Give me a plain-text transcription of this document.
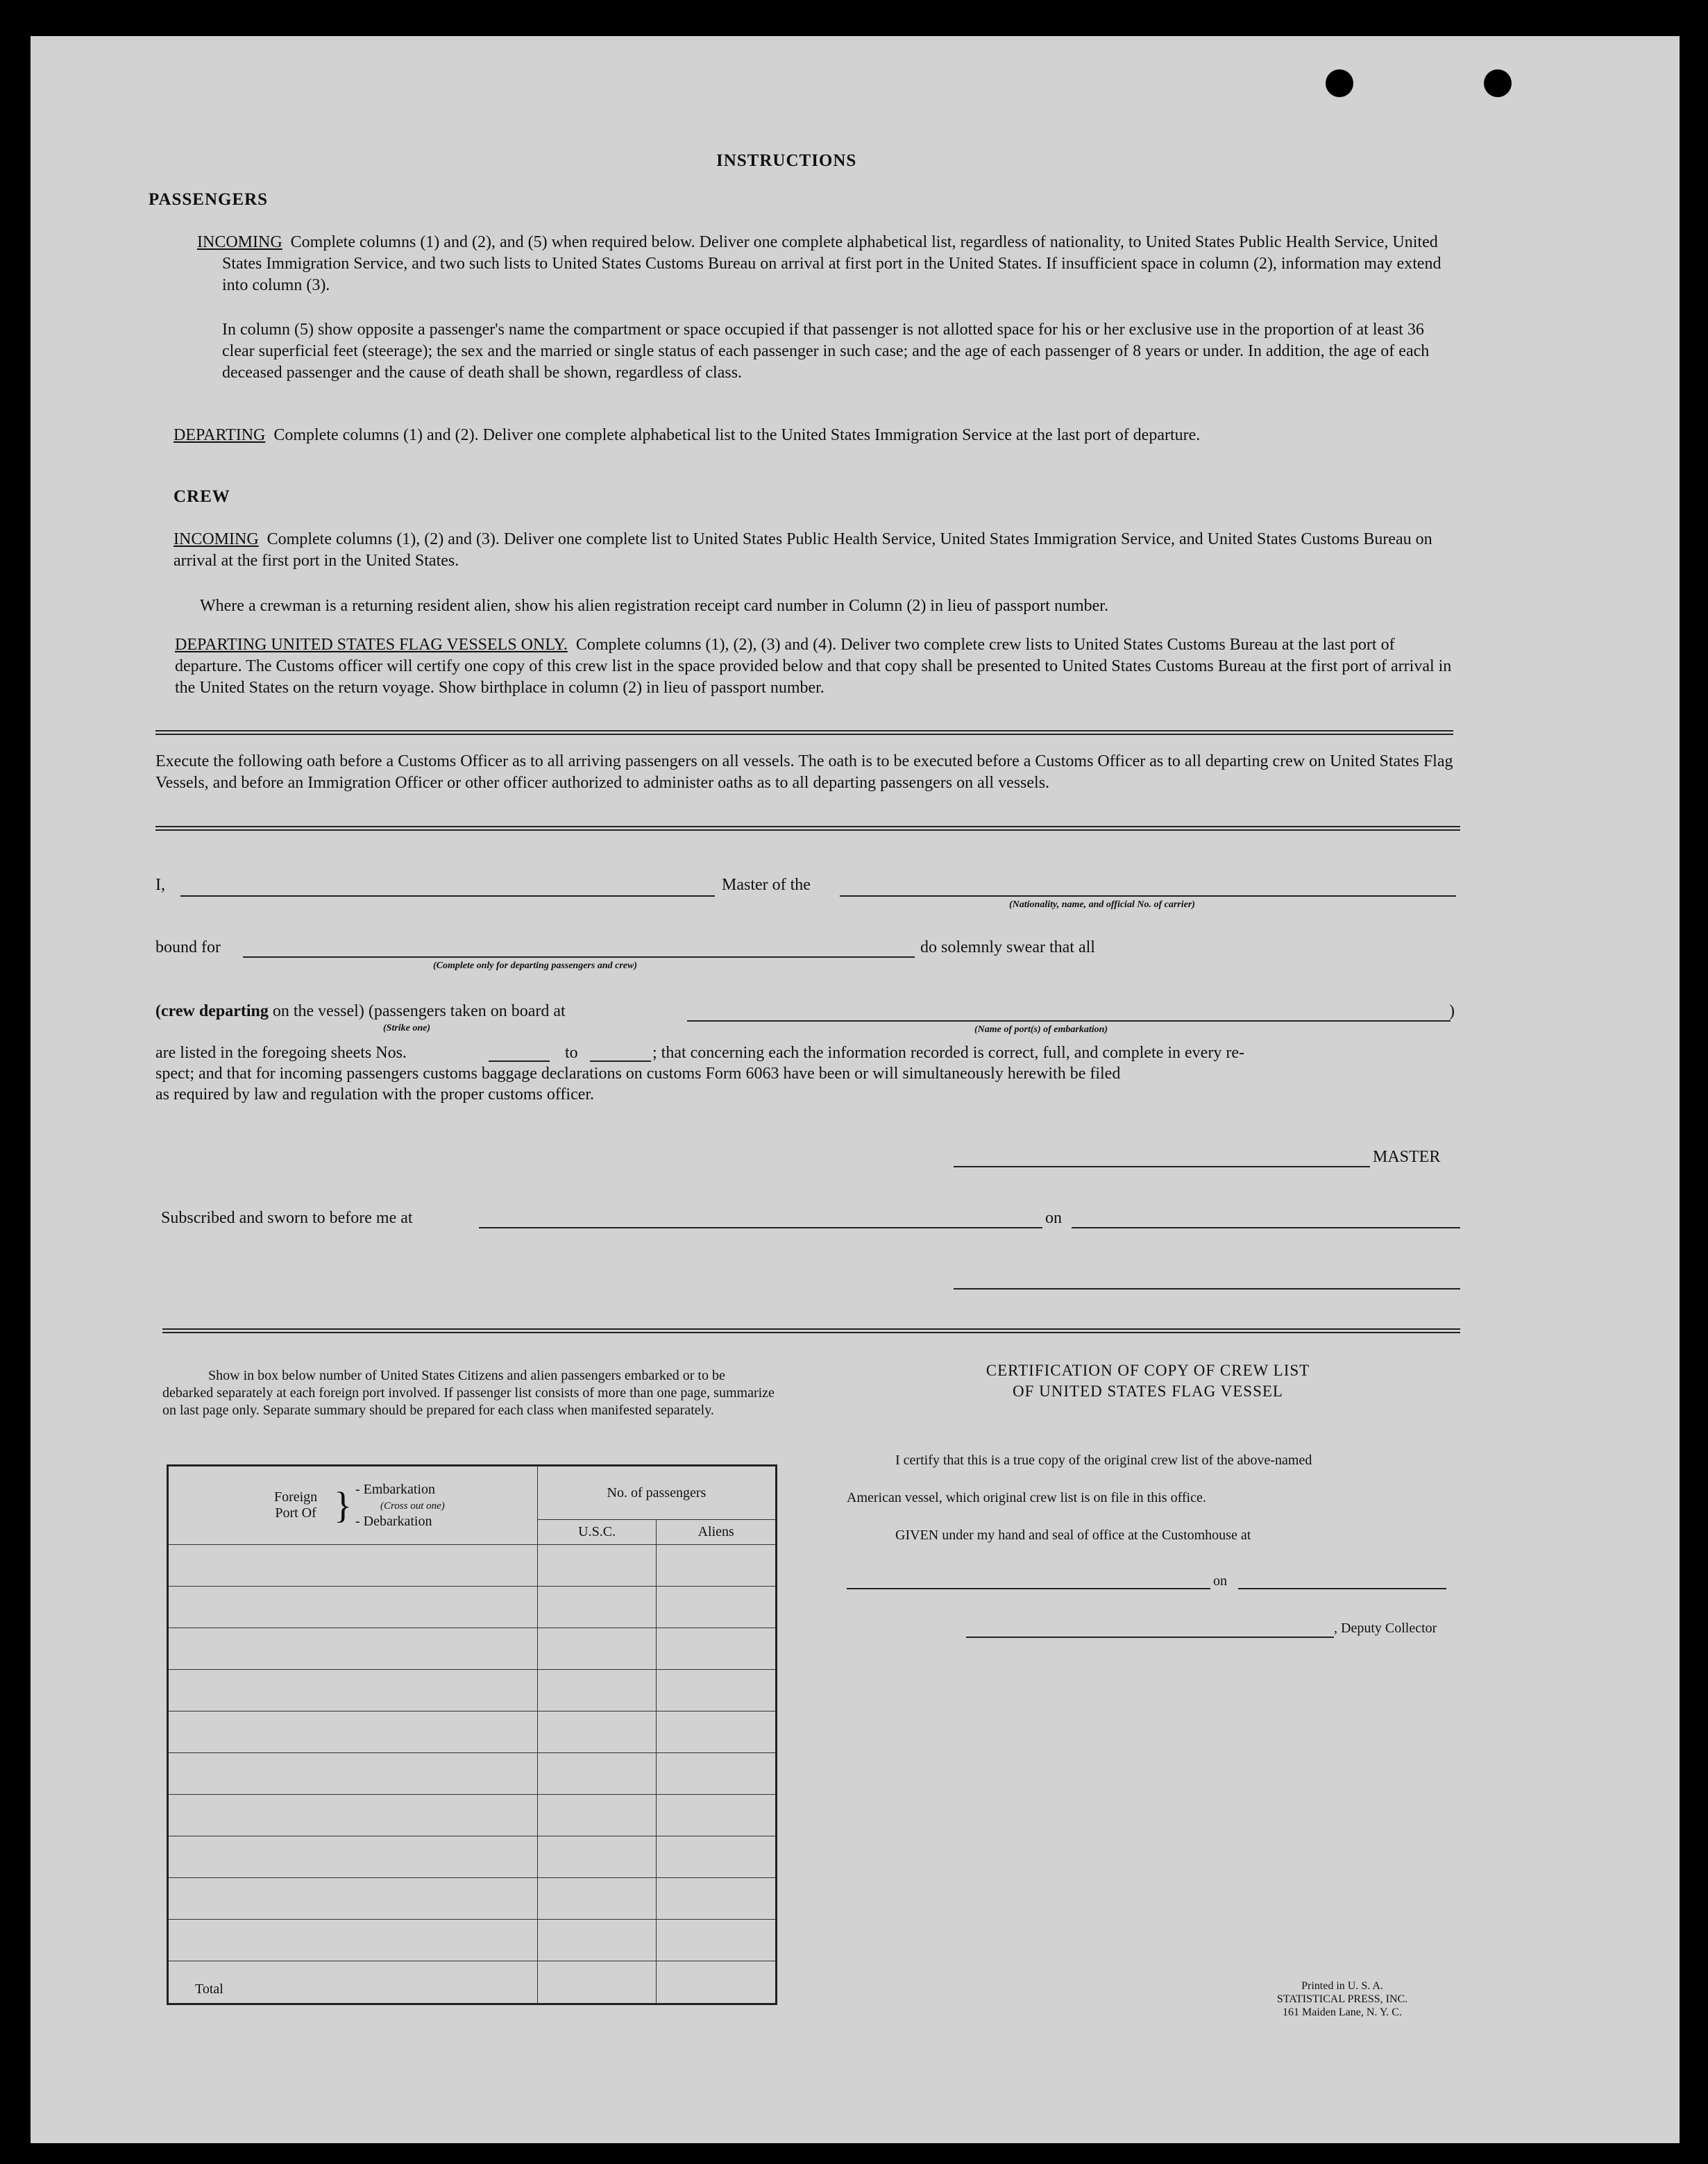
INSTRUCTIONS
PASSENGERS

INCOMING Complete columns (1) and (2), and (5) when required below. Deliver one complete alphabetical list, regardless of nationality, to United States Public Health Service, United States Immigration Service, and two such lists to United States Customs Bureau on arrival at first port in the United States. If insufficient space in column (2), information may extend into column (3).

In column (5) show opposite a passenger's name the compartment or space occupied if that passenger is not allotted space for his or her exclusive use in the proportion of at least 36 clear superficial feet (steerage); the sex and the married or single status of each passenger in such case; and the age of each passenger of 8 years or under. In addition, the age of each deceased passenger and the cause of death shall be shown, regardless of class.

DEPARTING Complete columns (1) and (2). Deliver one complete alphabetical list to the United States Immigration Service at the last port of departure.

CREW

INCOMING Complete columns (1), (2) and (3). Deliver one complete list to United States Public Health Service, United States Immigration Service, and United States Customs Bureau on arrival at the first port in the United States.

Where a crewman is a returning resident alien, show his alien registration receipt card number in Column (2) in lieu of passport number.

DEPARTING UNITED STATES FLAG VESSELS ONLY. Complete columns (1), (2), (3) and (4). Deliver two complete crew lists to United States Customs Bureau at the last port of departure. The Customs officer will certify one copy of this crew list in the space provided below and that copy shall be presented to United States Customs Bureau at the first port of arrival in the United States on the return voyage. Show birthplace in column (2) in lieu of passport number.

Execute the following oath before a Customs Officer as to all arriving passengers on all vessels. The oath is to be executed before a Customs Officer as to all departing crew on United States Flag Vessels, and before an Immigration Officer or other officer authorized to administer oaths as to all departing passengers on all vessels.

I,	Master of the
(Nationality, name, and official No. of carrier)
bound for
(Complete only for departing passengers and crew)
do solemnly swear that all
(crew departing on the vessel) (passengers taken on board at
(Strike one)
)
(Name of port(s) of embarkation)
are listed in the foregoing sheets Nos.	to	; that concerning each the information recorded is correct, full, and complete in every re-
spect; and that for incoming passengers customs baggage declarations on customs Form 6063 have been or will simultaneously herewith be filed
as required by law and regulation with the proper customs officer.
MASTER
Subscribed and sworn to before me at	on
Show in box below number of United States Citizens and alien passengers embarked or to be debarked separately at each foreign port involved. If passenger list consists of more than one page, summarize on last page only. Separate summary should be prepared for each class when manifested separately.
Foreign Port Of } - Embarkation
(Cross out one)
- Debarkation	No. of passengers	
	U.S.C.	Aliens

Total		
CERTIFICATION OF COPY OF CREW LIST
OF UNITED STATES FLAG VESSEL
I certify that this is a true copy of the original crew list of the above-named
American vessel, which original crew list is on file in this office.
GIVEN under my hand and seal of office at the Customhouse at
on
, Deputy Collector
Printed in U. S. A.
STATISTICAL PRESS, INC.
161 Maiden Lane, N. Y. C.
